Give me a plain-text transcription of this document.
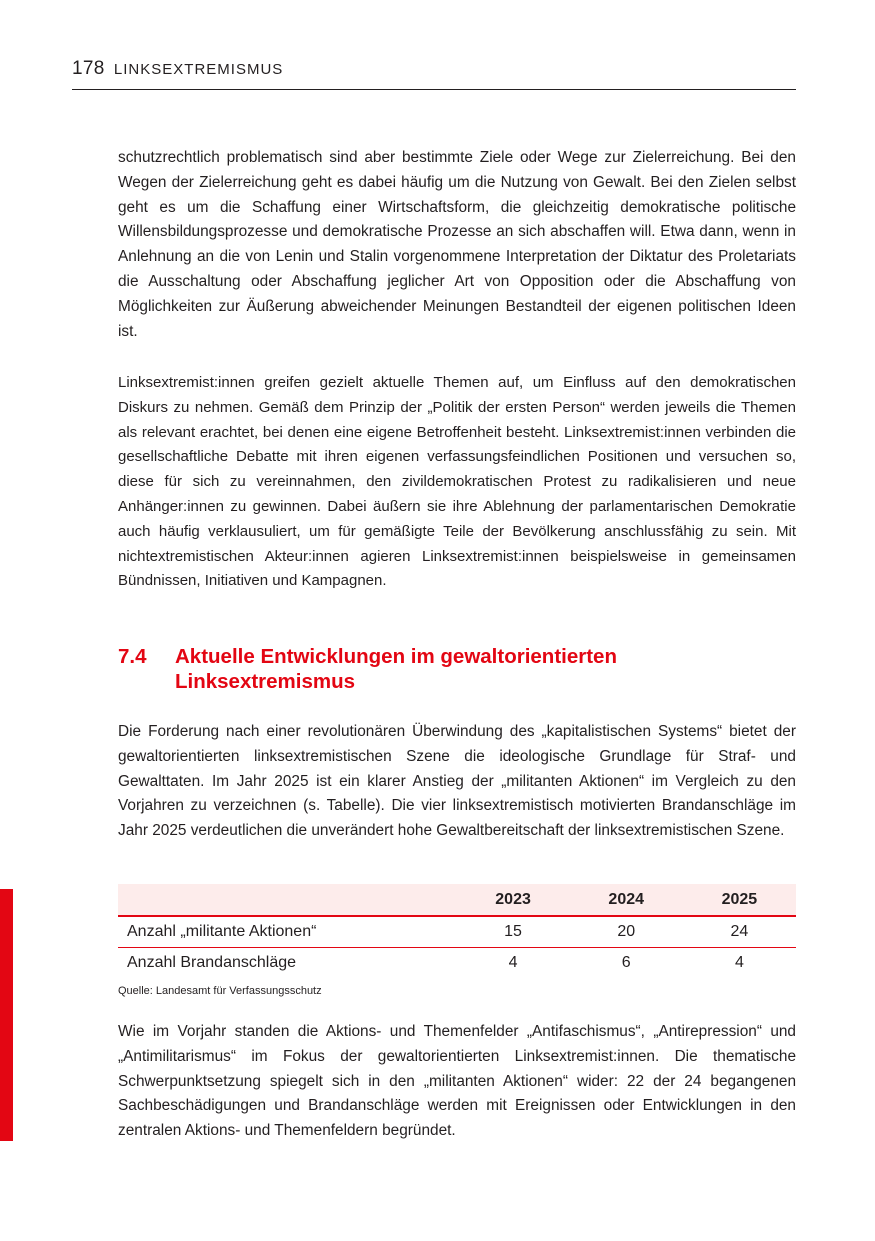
178 LINKSEXTREMISMUS

schutzrechtlich problematisch sind aber bestimmte Ziele oder Wege zur Zielerreichung. Bei den Wegen der Zielerreichung geht es dabei häufig um die Nutzung von Gewalt. Bei den Zielen selbst geht es um die Schaffung einer Wirtschaftsform, die gleichzeitig demokratische politische Willensbildungsprozesse und demokratische Prozesse an sich abschaffen will. Etwa dann, wenn in Anlehnung an die von Lenin und Stalin vorgenommene Interpretation der Diktatur des Proletariats die Ausschaltung oder Abschaffung jeglicher Art von Opposition oder die Abschaffung von Möglichkeiten zur Äußerung abweichender Meinungen Bestandteil der eigenen politischen Ideen ist.

Linksextremist:innen greifen gezielt aktuelle Themen auf, um Einfluss auf den demokratischen Diskurs zu nehmen. Gemäß dem Prinzip der „Politik der ersten Person“ werden jeweils die Themen als relevant erachtet, bei denen eine eigene Betroffenheit besteht. Linksextremist:innen verbinden die gesellschaftliche Debatte mit ihren eigenen verfassungsfeindlichen Positionen und versuchen so, diese für sich zu vereinnahmen, den zivildemokratischen Protest zu radikalisieren und neue Anhänger:innen zu gewinnen. Dabei äußern sie ihre Ablehnung der parlamentarischen Demokratie auch häufig verklausuliert, um für gemäßigte Teile der Bevölkerung anschlussfähig zu sein. Mit nichtextremistischen Akteur:innen agieren Linksextremist:innen beispielsweise in gemeinsamen Bündnissen, Initiativen und Kampagnen.

7.4	Aktuelle Entwicklungen im gewaltorientierten Linksextremismus

Die Forderung nach einer revolutionären Überwindung des „kapitalistischen Systems“ bietet der gewaltorientierten linksextremistischen Szene die ideologische Grundlage für Straf- und Gewalttaten. Im Jahr 2025 ist ein klarer Anstieg der „militanten Aktionen“ im Vergleich zu den Vorjahren zu verzeichnen (s. Tabelle). Die vier linksextremistisch motivierten Brandanschläge im Jahr 2025 verdeutlichen die unverändert hohe Gewaltbereitschaft der linksextremistischen Szene.

	2023	2024	2025
Anzahl „militante Aktionen“	15	20	24
Anzahl Brandanschläge	4	6	4
Quelle: Landesamt für Verfassungsschutz

Wie im Vorjahr standen die Aktions- und Themenfelder „Antifaschismus“, „Antirepression“ und „Antimilitarismus“ im Fokus der gewaltorientierten Linksextremist:innen. Die thematische Schwerpunktsetzung spiegelt sich in den „militanten Aktionen“ wider: 22 der 24 begangenen Sachbeschädigungen und Brandanschläge werden mit Ereignissen oder Entwicklungen in den zentralen Aktions- und Themenfeldern begründet.
